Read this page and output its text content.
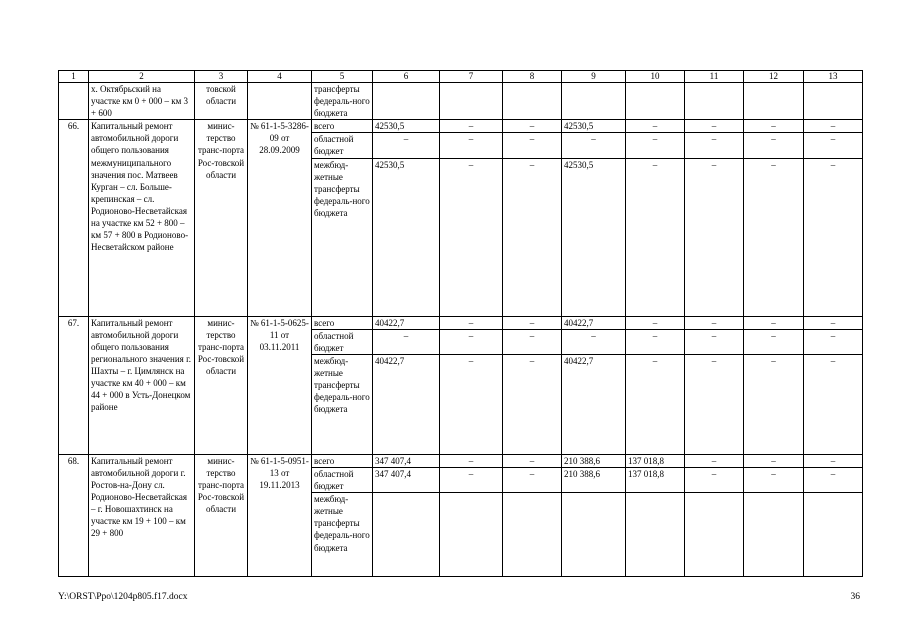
1	2	3	4	5	6	7	8	9	10	11	12	13
	х. Октябрьский на участке км 0 + 000 – км 3 + 600	товской области		трансферты федераль-ного бюджета								
66.	Капитальный ремонт автомобильной дороги общего пользования межмуниципального значения пос. Матвеев Курган – сл. Больше-крепинская – сл. Родионово-Несветайская на участке км 52 + 800 – км 57 + 800 в Родионово-Несветайском районе	минис-терство транс-порта Рос-товской области	№ 61-1-5-3286-09 от 28.09.2009	всего	42530,5	–	–	42530,5	–	–	–	–
				областной бюджет	–	–	–	–	–	–	–	–
				межбюд-жетные трансферты федераль-ного бюджета	42530,5	–	–	42530,5	–	–	–	–
67.	Капитальный ремонт автомобильной дороги общего пользования регионального значения г. Шахты – г. Цимлянск на участке км 40 + 000 – км 44 + 000 в Усть-Донецком районе	минис-терство транс-порта Рос-товской области	№ 61-1-5-0625-11 от 03.11.2011	всего	40422,7	–	–	40422,7	–	–	–	–
				областной бюджет	–	–	–	–	–	–	–	–
				межбюд-жетные трансферты федераль-ного бюджета	40422,7	–	–	40422,7	–	–	–	–
68.	Капитальный ремонт автомобильной дороги г. Ростов-на-Дону сл. Родионово-Несветайская – г. Новошахтинск на участке км 19 + 100 – км 29 + 800	минис-терство транс-порта Рос-товской области	№ 61-1-5-0951-13 от 19.11.2013	всего	347 407,4	–	–	210 388,6	137 018,8	–	–	–
				областной бюджет	347 407,4	–	–	210 388,6	137 018,8	–	–	–
				межбюд-жетные трансферты федераль-ного бюджета								
Y:\ORST\Ppo\1204p805.f17.docx	36
